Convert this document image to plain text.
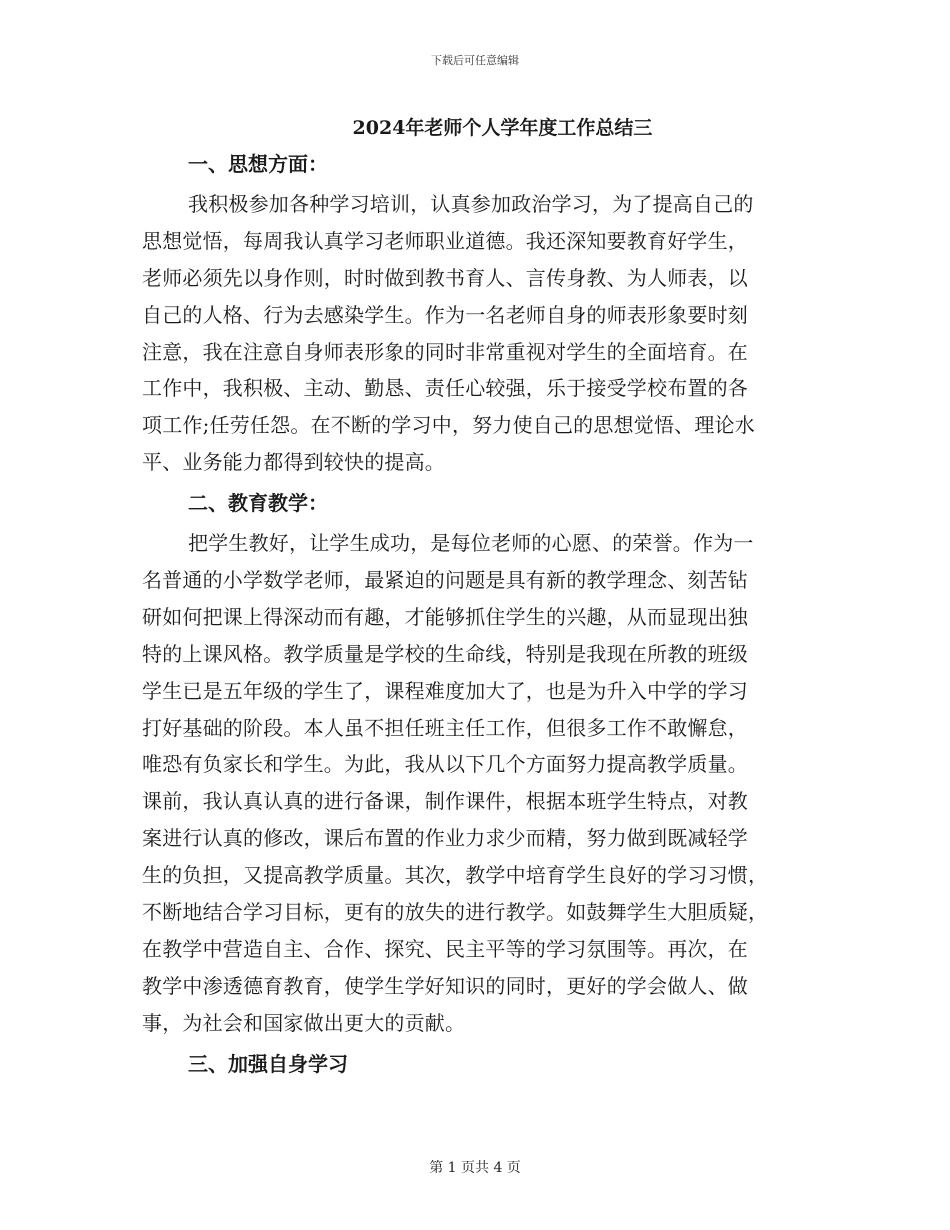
下载后可任意编辑
2024年老师个人学年度工作总结三
一、思想方面：
我积极参加各种学习培训，认真参加政治学习，为了提高自己的
思想觉悟，每周我认真学习老师职业道德。我还深知要教育好学生，
老师必须先以身作则，时时做到教书育人、言传身教、为人师表，以
自己的人格、行为去感染学生。作为一名老师自身的师表形象要时刻
注意，我在注意自身师表形象的同时非常重视对学生的全面培育。在
工作中，我积极、主动、勤恳、责任心较强，乐于接受学校布置的各
项工作;任劳任怨。在不断的学习中，努力使自己的思想觉悟、理论水
平、业务能力都得到较快的提高。
二、教育教学：
把学生教好，让学生成功，是每位老师的心愿、的荣誉。作为一
名普通的小学数学老师，最紧迫的问题是具有新的教学理念、刻苦钻
研如何把课上得深动而有趣，才能够抓住学生的兴趣，从而显现出独
特的上课风格。教学质量是学校的生命线，特别是我现在所教的班级
学生已是五年级的学生了，课程难度加大了，也是为升入中学的学习
打好基础的阶段。本人虽不担任班主任工作，但很多工作不敢懈怠，
唯恐有负家长和学生。为此，我从以下几个方面努力提高教学质量。
课前，我认真认真的进行备课，制作课件，根据本班学生特点，对教
案进行认真的修改，课后布置的作业力求少而精，努力做到既减轻学
生的负担，又提高教学质量。其次，教学中培育学生良好的学习习惯，
不断地结合学习目标，更有的放失的进行教学。如鼓舞学生大胆质疑，
在教学中营造自主、合作、探究、民主平等的学习氛围等。再次，在
教学中渗透德育教育，使学生学好知识的同时，更好的学会做人、做
事，为社会和国家做出更大的贡献。
三、加强自身学习
第 1 页共 4 页
